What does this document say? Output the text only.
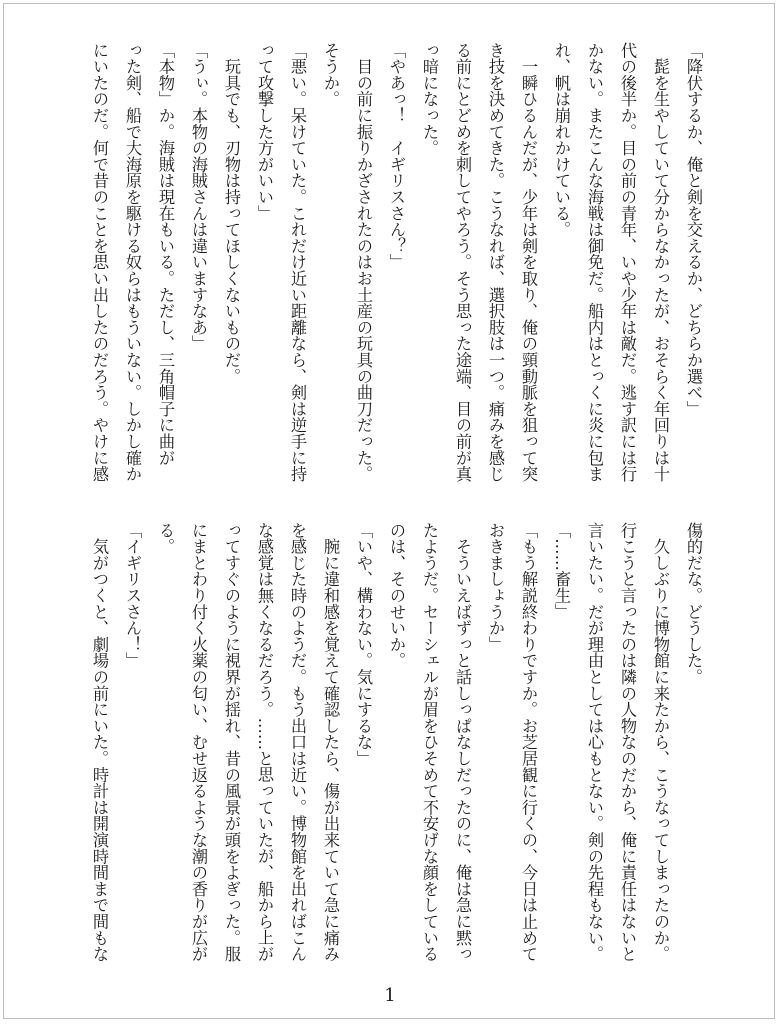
「降伏するか、俺と剣を交えるか、どちらか選べ」
　髭を生やしていて分からなかったが、おそらく年回りは十
代の後半か。目の前の青年、いや少年は敵だ。逃す訳には行
かない。またこんな海戦は御免だ。船内はとっくに炎に包ま
れ、帆は崩れかけている。
　一瞬ひるんだが、少年は剣を取り、俺の頸動脈を狙って突
き技を決めてきた。こうなれば、選択肢は一つ。痛みを感じ
る前にとどめを刺してやろう。そう思った途端、目の前が真
っ暗になった。
「やあっ！　イギリスさん？」
　目の前に振りかざされたのはお土産の玩具の曲刀だった。
そうか。
「悪い。呆けていた。これだけ近い距離なら、剣は逆手に持
って攻撃した方がいい」
　玩具でも、刃物は持ってほしくないものだ。
「うぃ。本物の海賊さんは違いますなあ」
「本物」か。海賊は現在もいる。ただし、三角帽子に曲が
った剣、船で大海原を駆ける奴らはもういない。しかし確か
にいたのだ。何で昔のことを思い出したのだろう。やけに感
傷的だな。どうした。
　久しぶりに博物館に来たから、こうなってしまったのか。
行こうと言ったのは隣の人物なのだから、俺に責任はないと
言いたい。だが理由としては心もとない。剣の先程もない。
「……畜生」
「もう解説終わりですか。お芝居観に行くの、今日は止めて
おきましょうか」
　そういえばずっと話しっぱなしだったのに、俺は急に黙っ
たようだ。セーシェルが眉をひそめて不安げな顔をしている
のは、そのせいか。
「いや、構わない。気にするな」
　腕に違和感を覚えて確認したら、傷が出来ていて急に痛み
を感じた時のようだ。もう出口は近い。博物館を出ればこん
な感覚は無くなるだろう。……と思っていたが、船から上が
ってすぐのように視界が揺れ、昔の風景が頭をよぎった。服
にまとわり付く火薬の匂い、むせ返るような潮の香りが広が
る。
「イギリスさん！」
　気がつくと、劇場の前にいた。時計は開演時間まで間もな
1
